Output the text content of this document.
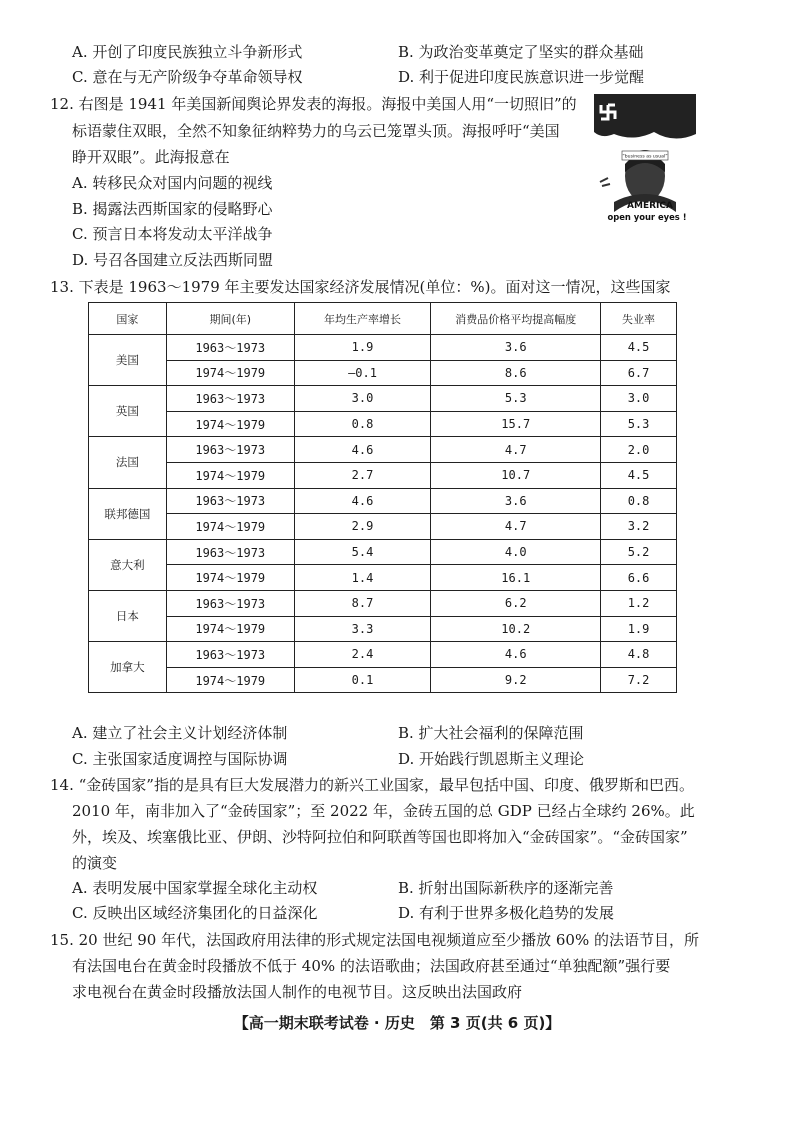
A. 开创了印度民族独立斗争新形式	B. 为政治变革奠定了坚实的群众基础
C. 意在与无产阶级争夺革命领导权	D. 利于促进印度民族意识进一步觉醒
12. 右图是 1941 年美国新闻舆论界发表的海报。海报中美国人用“一切照旧”的
标语蒙住双眼，全然不知象征纳粹势力的乌云已笼罩头顶。海报呼吁“美国
睁开双眼”。此海报意在
A. 转移民众对国内问题的视线
B. 揭露法西斯国家的侵略野心
C. 预言日本将发动太平洋战争
D. 号召各国建立反法西斯同盟
“business as usual”
AMERICA
open your eyes !
13. 下表是 1963～1979 年主要发达国家经济发展情况(单位：%)。面对这一情况，这些国家
国家	期间(年)	年均生产率增长	消费品价格平均提高幅度	失业率
美国	1963～1973	1.9	3.6	4.5
	1974～1979	—0.1	8.6	6.7
英国	1963～1973	3.0	5.3	3.0
	1974～1979	0.8	15.7	5.3
法国	1963～1973	4.6	4.7	2.0
	1974～1979	2.7	10.7	4.5
联邦德国	1963～1973	4.6	3.6	0.8
	1974～1979	2.9	4.7	3.2
意大利	1963～1973	5.4	4.0	5.2
	1974～1979	1.4	16.1	6.6
日本	1963～1973	8.7	6.2	1.2
	1974～1979	3.3	10.2	1.9
加拿大	1963～1973	2.4	4.6	4.8
	1974～1979	0.1	9.2	7.2
A. 建立了社会主义计划经济体制	B. 扩大社会福利的保障范围
C. 主张国家适度调控与国际协调	D. 开始践行凯恩斯主义理论
14. “金砖国家”指的是具有巨大发展潜力的新兴工业国家，最早包括中国、印度、俄罗斯和巴西。
2010 年，南非加入了“金砖国家”；至 2022 年，金砖五国的总 GDP 已经占全球约 26%。此
外，埃及、埃塞俄比亚、伊朗、沙特阿拉伯和阿联酋等国也即将加入“金砖国家”。“金砖国家”
的演变
A. 表明发展中国家掌握全球化主动权	B. 折射出国际新秩序的逐渐完善
C. 反映出区域经济集团化的日益深化	D. 有利于世界多极化趋势的发展
15. 20 世纪 90 年代，法国政府用法律的形式规定法国电视频道应至少播放 60% 的法语节目，所
有法国电台在黄金时段播放不低于 40% 的法语歌曲；法国政府甚至通过“单独配额”强行要
求电视台在黄金时段播放法国人制作的电视节目。这反映出法国政府
【高一期末联考试卷 · 历史　第 3 页(共 6 页)】
